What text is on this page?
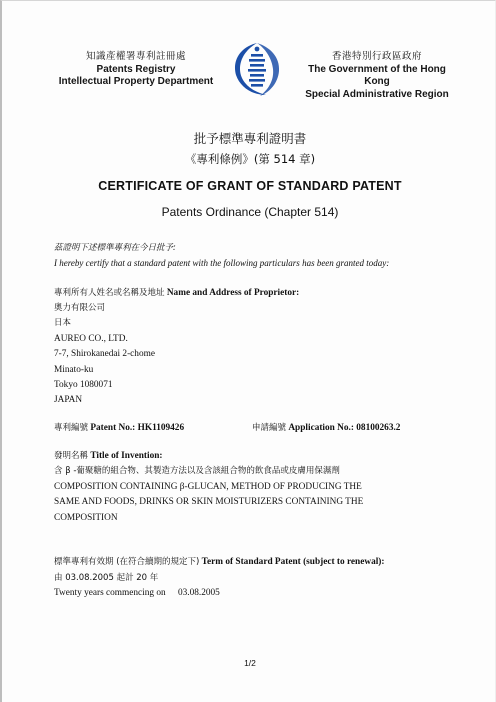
知識產權署專利註冊處
Patents Registry
Intellectual Property Department
香港特別行政區政府
The Government of the Hong Kong
Special Administrative Region
批予標準專利證明書
《專利條例》(第 514 章)
CERTIFICATE OF GRANT OF STANDARD PATENT
Patents Ordinance (Chapter 514)
茲證明下述標準專利在今日批予:
I hereby certify that a standard patent with the following particulars has been granted today:
專利所有人姓名或名稱及地址 Name and Address of Proprietor:
奧力有限公司
日本
AUREO CO., LTD.
7-7, Shirokanedai 2-chome
Minato-ku
Tokyo 1080071
JAPAN
專利編號 Patent No.: HK1109426	申請編號 Application No.: 08100263.2
發明名稱 Title of Invention:
含 β -葡聚糖的組合物、其製造方法以及含該組合物的飲食品或皮膚用保濕劑
COMPOSITION CONTAINING β-GLUCAN, METHOD OF PRODUCING THE
SAME AND FOODS, DRINKS OR SKIN MOISTURIZERS CONTAINING THE
COMPOSITION
標準專利有效期 (在符合續期的規定下) Term of Standard Patent (subject to renewal):
由 03.08.2005 起計 20 年
Twenty years commencing on 03.08.2005
1/2
